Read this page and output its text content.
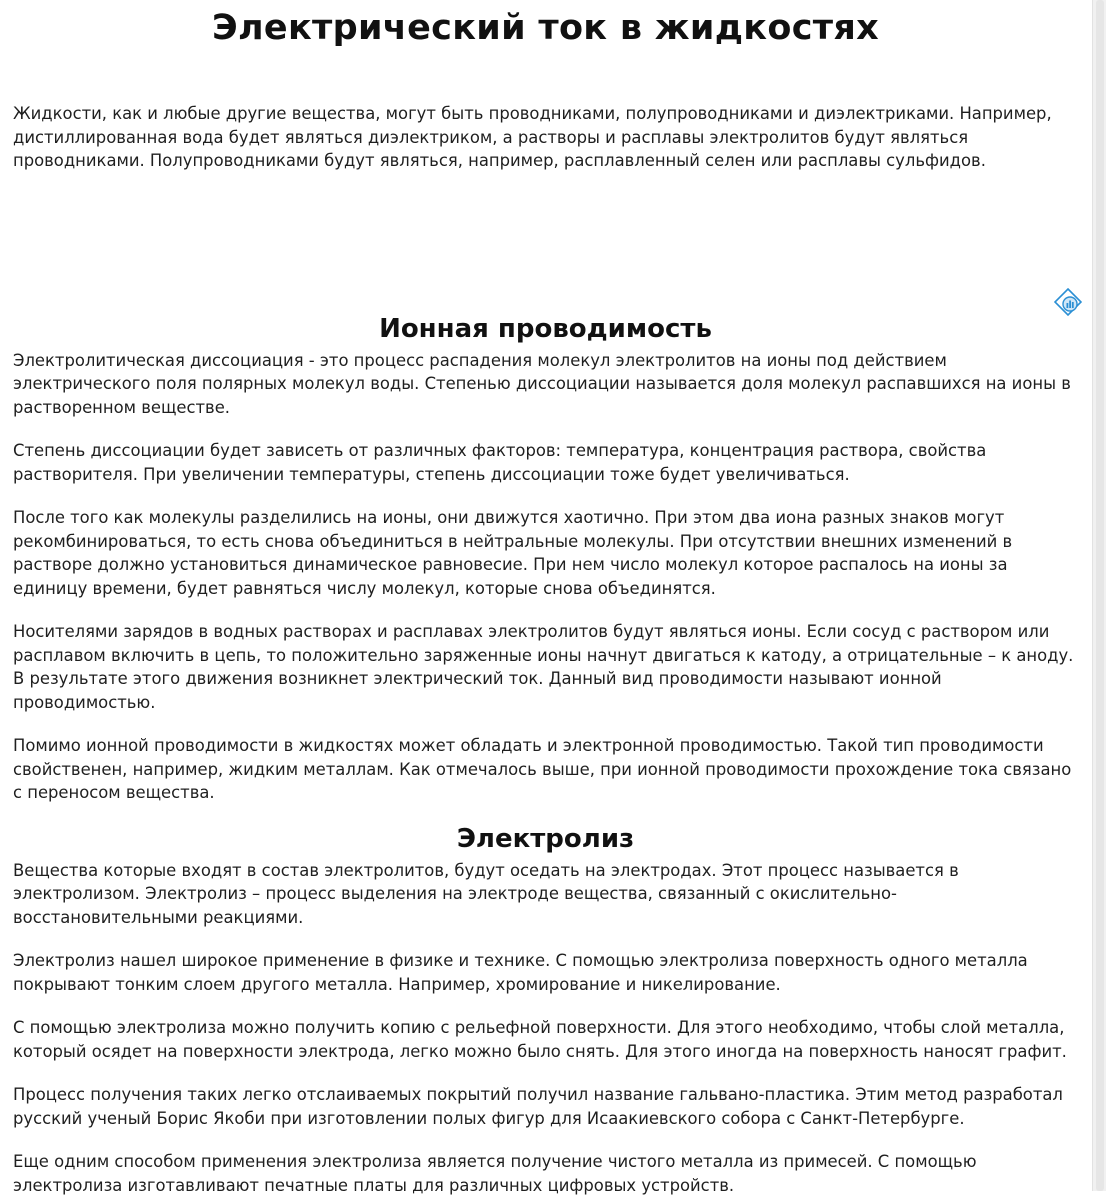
Электрический ток в жидкостях

Жидкости, как и любые другие вещества, могут быть проводниками, полупроводниками и диэлектриками. Например, дистиллированная вода будет являться диэлектриком, а растворы и расплавы электролитов будут являться проводниками. Полупроводниками будут являться, например, расплавленный селен или расплавы сульфидов.

Ионная проводимость

Электролитическая диссоциация - это процесс распадения молекул электролитов на ионы под действием электрического поля полярных молекул воды. Степенью диссоциации называется доля молекул распавшихся на ионы в растворенном веществе.

Степень диссоциации будет зависеть от различных факторов: температура, концентрация раствора, свойства растворителя. При увеличении температуры, степень диссоциации тоже будет увеличиваться.

После того как молекулы разделились на ионы, они движутся хаотично. При этом два иона разных знаков могут рекомбинироваться, то есть снова объединиться в нейтральные молекулы. При отсутствии внешних изменений в растворе должно установиться динамическое равновесие. При нем число молекул которое распалось на ионы за единицу времени, будет равняться числу молекул, которые снова объединятся.

Носителями зарядов в водных растворах и расплавах электролитов будут являться ионы. Если сосуд с раствором или расплавом включить в цепь, то положительно заряженные ионы начнут двигаться к катоду, а отрицательные – к аноду. В результате этого движения возникнет электрический ток. Данный вид проводимости называют ионной проводимостью.

Помимо ионной проводимости в жидкостях может обладать и электронной проводимостью. Такой тип проводимости свойственен, например, жидким металлам. Как отмечалось выше, при ионной проводимости прохождение тока связано с переносом вещества.

Электролиз

Вещества которые входят в состав электролитов, будут оседать на электродах. Этот процесс называется в электролизом. Электролиз – процесс выделения на электроде вещества, связанный с окислительно-восстановительными реакциями.

Электролиз нашел широкое применение в физике и технике. С помощью электролиза поверхность одного металла покрывают тонким слоем другого металла. Например, хромирование и никелирование.

С помощью электролиза можно получить копию с рельефной поверхности. Для этого необходимо, чтобы слой металла, который осядет на поверхности электрода, легко можно было снять. Для этого иногда на поверхность наносят графит.

Процесс получения таких легко отслаиваемых покрытий получил название гальвано-пластика. Этим метод разработал русский ученый Борис Якоби при изготовлении полых фигур для Исаакиевского собора с Санкт-Петербурге.

Еще одним способом применения электролиза является получение чистого металла из примесей. С помощью электролиза изготавливают печатные платы для различных цифровых устройств.
